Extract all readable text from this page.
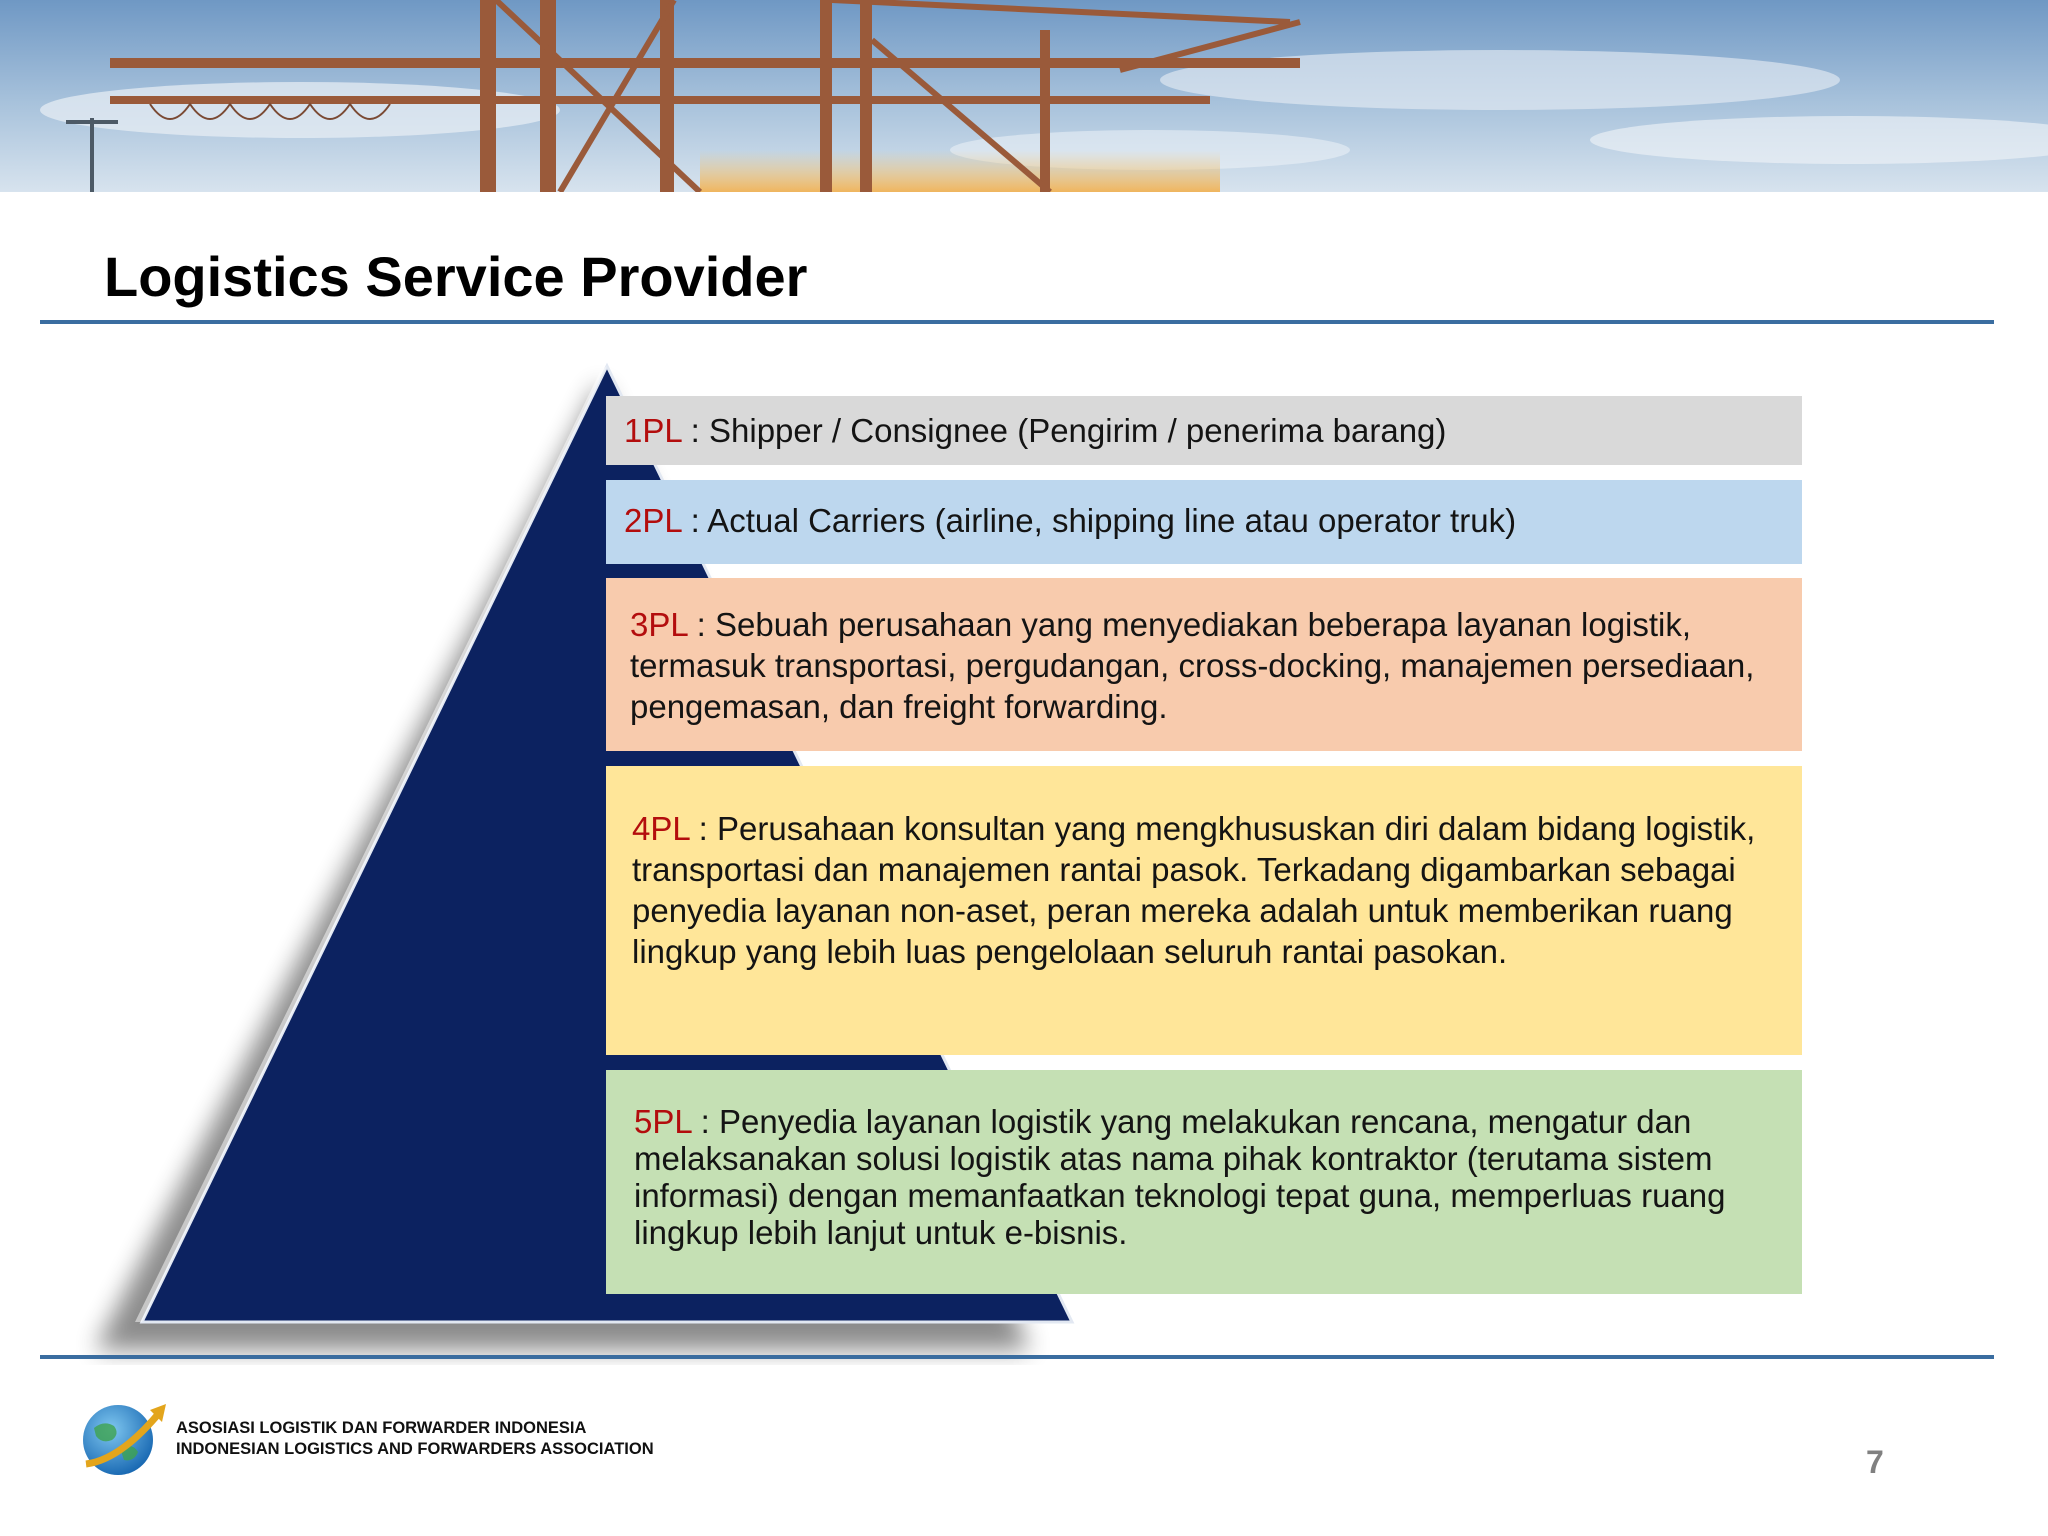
Logistics Service Provider

1PL : Shipper / Consignee (Pengirim / penerima barang)

2PL : Actual Carriers (airline, shipping line atau operator truk)

3PL : Sebuah perusahaan yang menyediakan beberapa layanan logistik, termasuk transportasi, pergudangan, cross-docking, manajemen persediaan, pengemasan, dan freight forwarding.

4PL : Perusahaan konsultan yang mengkhususkan diri dalam bidang logistik, transportasi dan manajemen rantai pasok. Terkadang digambarkan sebagai penyedia layanan non-aset, peran mereka adalah untuk memberikan ruang lingkup yang lebih luas pengelolaan seluruh rantai pasokan.

5PL : Penyedia layanan logistik yang melakukan rencana, mengatur dan melaksanakan solusi logistik atas nama pihak kontraktor (terutama sistem informasi) dengan memanfaatkan teknologi tepat guna, memperluas ruang lingkup lebih lanjut untuk e-bisnis.

ASOSIASI LOGISTIK DAN FORWARDER INDONESIA
INDONESIAN LOGISTICS AND FORWARDERS ASSOCIATION	7
